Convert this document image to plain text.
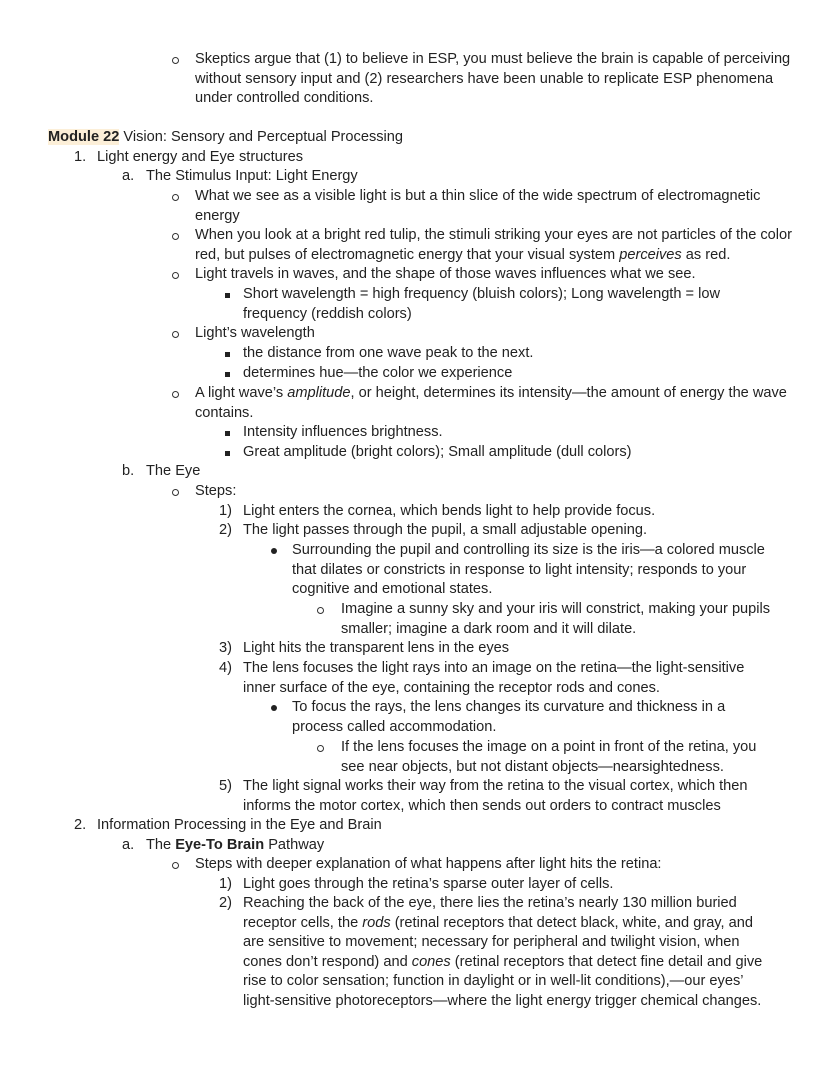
Skeptics argue that (1) to believe in ESP, you must believe the brain is capable of perceiving without sensory input and (2) researchers have been unable to replicate ESP phenomena under controlled conditions.
Module 22 Vision: Sensory and Perceptual Processing
1. Light energy and Eye structures
a. The Stimulus Input: Light Energy
What we see as a visible light is but a thin slice of the wide spectrum of electromagnetic energy
When you look at a bright red tulip, the stimuli striking your eyes are not particles of the color red, but pulses of electromagnetic energy that your visual system perceives as red.
Light travels in waves, and the shape of those waves influences what we see.
Short wavelength = high frequency (bluish colors); Long wavelength = low frequency (reddish colors)
Light’s wavelength
the distance from one wave peak to the next.
determines hue—the color we experience
A light wave’s amplitude, or height, determines its intensity—the amount of energy the wave contains.
Intensity influences brightness.
Great amplitude (bright colors); Small amplitude (dull colors)
b. The Eye
Steps:
1) Light enters the cornea, which bends light to help provide focus.
2) The light passes through the pupil, a small adjustable opening.
Surrounding the pupil and controlling its size is the iris—a colored muscle that dilates or constricts in response to light intensity; responds to your cognitive and emotional states.
Imagine a sunny sky and your iris will constrict, making your pupils smaller; imagine a dark room and it will dilate.
3) Light hits the transparent lens in the eyes
4) The lens focuses the light rays into an image on the retina—the light-sensitive inner surface of the eye, containing the receptor rods and cones.
To focus the rays, the lens changes its curvature and thickness in a process called accommodation.
If the lens focuses the image on a point in front of the retina, you see near objects, but not distant objects—nearsightedness.
5) The light signal works their way from the retina to the visual cortex, which then informs the motor cortex, which then sends out orders to contract muscles
2. Information Processing in the Eye and Brain
a. The Eye-To Brain Pathway
Steps with deeper explanation of what happens after light hits the retina:
1) Light goes through the retina’s sparse outer layer of cells.
2) Reaching the back of the eye, there lies the retina’s nearly 130 million buried receptor cells, the rods (retinal receptors that detect black, white, and gray, and are sensitive to movement; necessary for peripheral and twilight vision, when cones don’t respond) and cones (retinal receptors that detect fine detail and give rise to color sensation; function in daylight or in well-lit conditions),—our eyes’ light-sensitive photoreceptors—where the light energy trigger chemical changes.
